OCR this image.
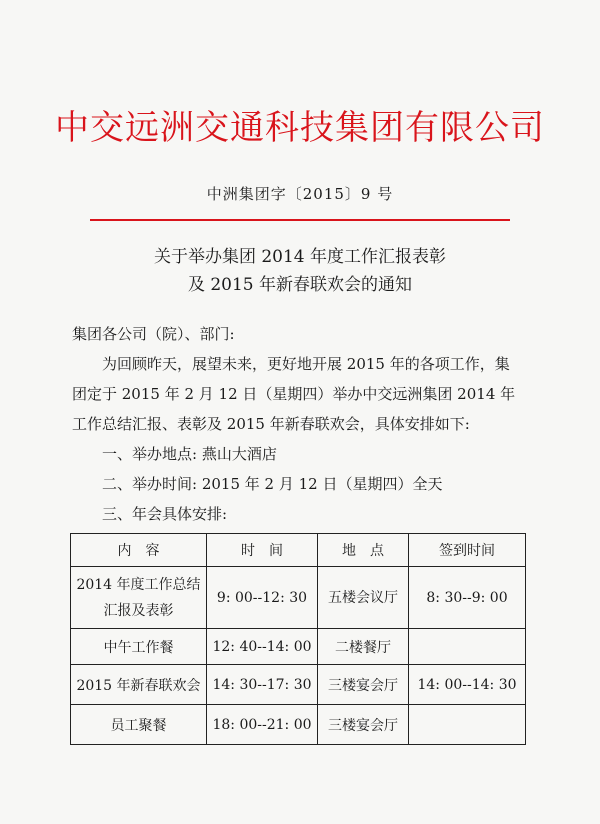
中交远洲交通科技集团有限公司
中洲集团字〔2015〕9 号
关于举办集团 2014 年度工作汇报表彰
及 2015 年新春联欢会的通知

集团各公司（院）、部门:

为回顾昨天，展望未来，更好地开展 2015 年的各项工作，集团定于 2015 年 2 月 12 日（星期四）举办中交远洲集团 2014 年工作总结汇报、表彰及 2015 年新春联欢会，具体安排如下:

一、举办地点: 燕山大酒店

二、举办时间: 2015 年 2 月 12 日（星期四）全天

三、年会具体安排:

内　容	时　间	地　点	签到时间

2014 年度工作总结
汇报及表彰	9: 00--12: 30	五楼会议厅	8: 30--9: 00
中午工作餐	12: 40--14: 00	二楼餐厅	
2015 年新春联欢会	14: 30--17: 30	三楼宴会厅	14: 00--14: 30
员工聚餐	18: 00--21: 00	三楼宴会厅	
